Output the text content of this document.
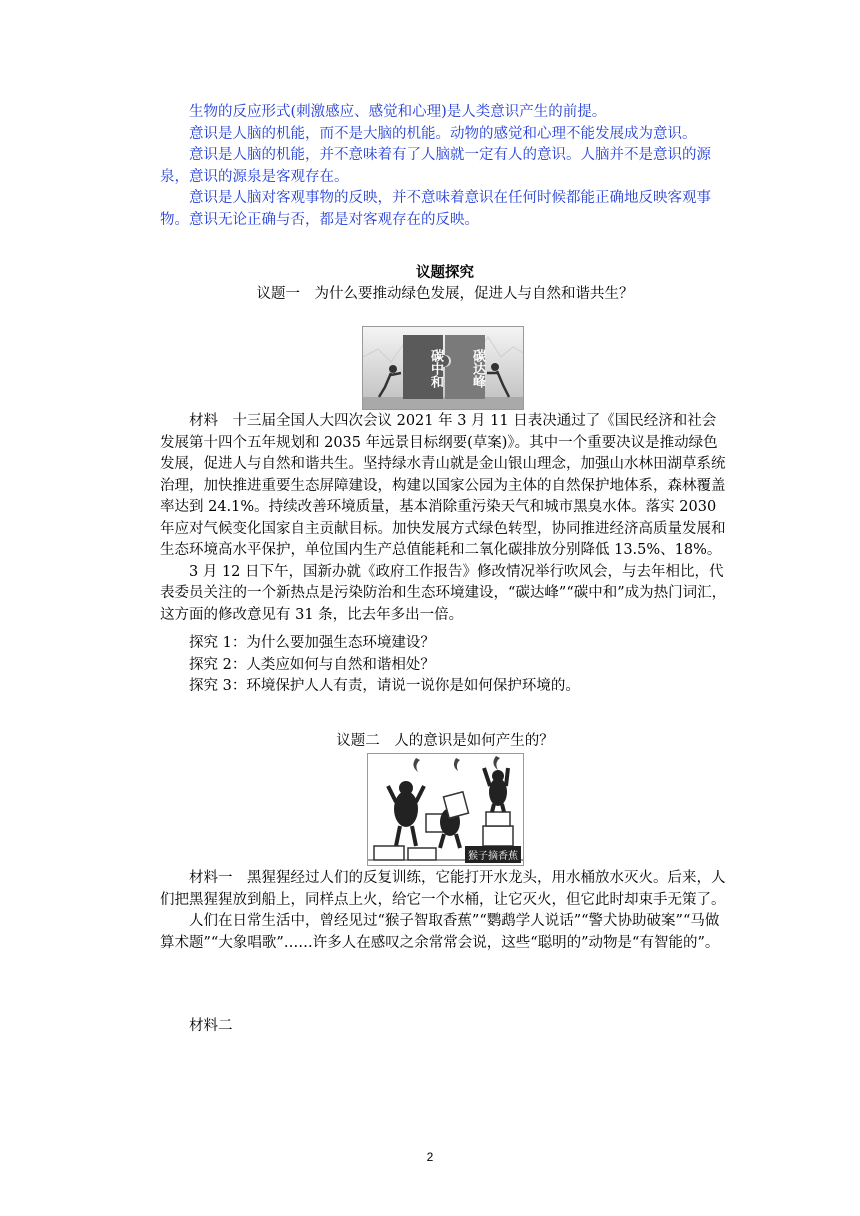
生物的反应形式(刺激感应、感觉和心理)是人类意识产生的前提。

意识是人脑的机能，而不是大脑的机能。动物的感觉和心理不能发展成为意识。

意识是人脑的机能，并不意味着有了人脑就一定有人的意识。人脑并不是意识的源泉，意识的源泉是客观存在。

意识是人脑对客观事物的反映，并不意味着意识在任何时候都能正确地反映客观事物。意识无论正确与否，都是对客观存在的反映。

议题探究
议题一　为什么要推动绿色发展，促进人与自然和谐共生？
碳中和	碳达峰

材料　十三届全国人大四次会议 2021 年 3 月 11 日表决通过了《国民经济和社会发展第十四个五年规划和 2035 年远景目标纲要(草案)》。其中一个重要决议是推动绿色发展，促进人与自然和谐共生。坚持绿水青山就是金山银山理念，加强山水林田湖草系统治理，加快推进重要生态屏障建设，构建以国家公园为主体的自然保护地体系，森林覆盖率达到 24.1%。持续改善环境质量，基本消除重污染天气和城市黑臭水体。落实 2030 年应对气候变化国家自主贡献目标。加快发展方式绿色转型，协同推进经济高质量发展和生态环境高水平保护，单位国内生产总值能耗和二氧化碳排放分别降低 13.5%、18%。

3 月 12 日下午，国新办就《政府工作报告》修改情况举行吹风会，与去年相比，代表委员关注的一个新热点是污染防治和生态环境建设，“碳达峰”“碳中和”成为热门词汇，这方面的修改意见有 31 条，比去年多出一倍。

探究 1：为什么要加强生态环境建设？

探究 2：人类应如何与自然和谐相处？

探究 3：环境保护人人有责，请说一说你是如何保护环境的。

议题二　人的意识是如何产生的？
猴子摘香蕉

材料一　黑猩猩经过人们的反复训练，它能打开水龙头，用水桶放水灭火。后来，人们把黑猩猩放到船上，同样点上火，给它一个水桶，让它灭火，但它此时却束手无策了。

人们在日常生活中，曾经见过“猴子智取香蕉”“鹦鹉学人说话”“警犬协助破案”“马做算术题”“大象唱歌”……许多人在感叹之余常常会说，这些“聪明的”动物是“有智能的”。

材料二

2
